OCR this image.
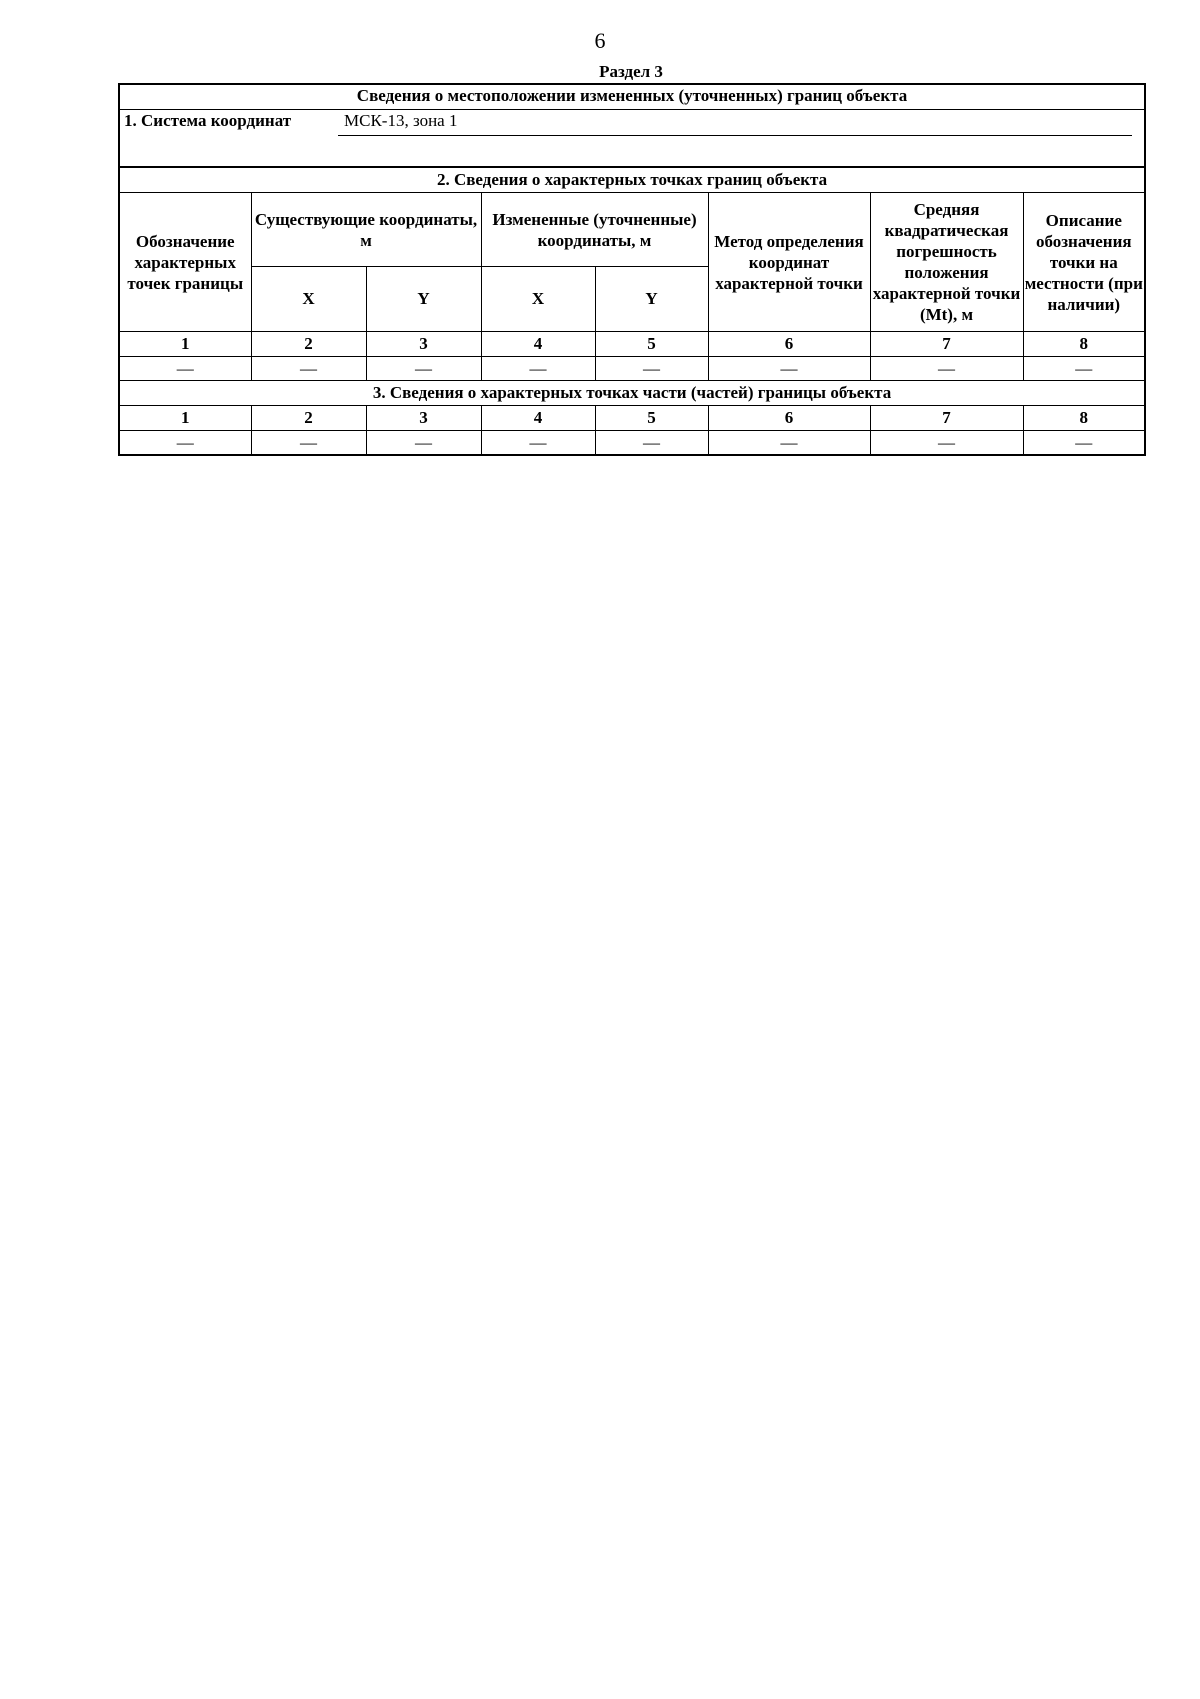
6
Раздел 3
Сведения о местоположении измененных (уточненных) границ объекта
1. Система координат	МСК-13, зона 1
2. Сведения о характерных точках границ объекта							
Обозначение характерных точек границы	Существующие координаты, м		Измененные (уточненные) координаты, м		Метод определения координат характерной точки	Средняя квадратическая погрешность положения характерной точки (Mt), м	Описание обозначения точки на местности (при наличии)
	X	Y	X	Y			
1	2	3	4	5	6	7	8
—	—	—	—	—	—	—	—
3. Сведения о характерных точках части (частей) границы объекта							
1	2	3	4	5	6	7	8
—	—	—	—	—	—	—	—
